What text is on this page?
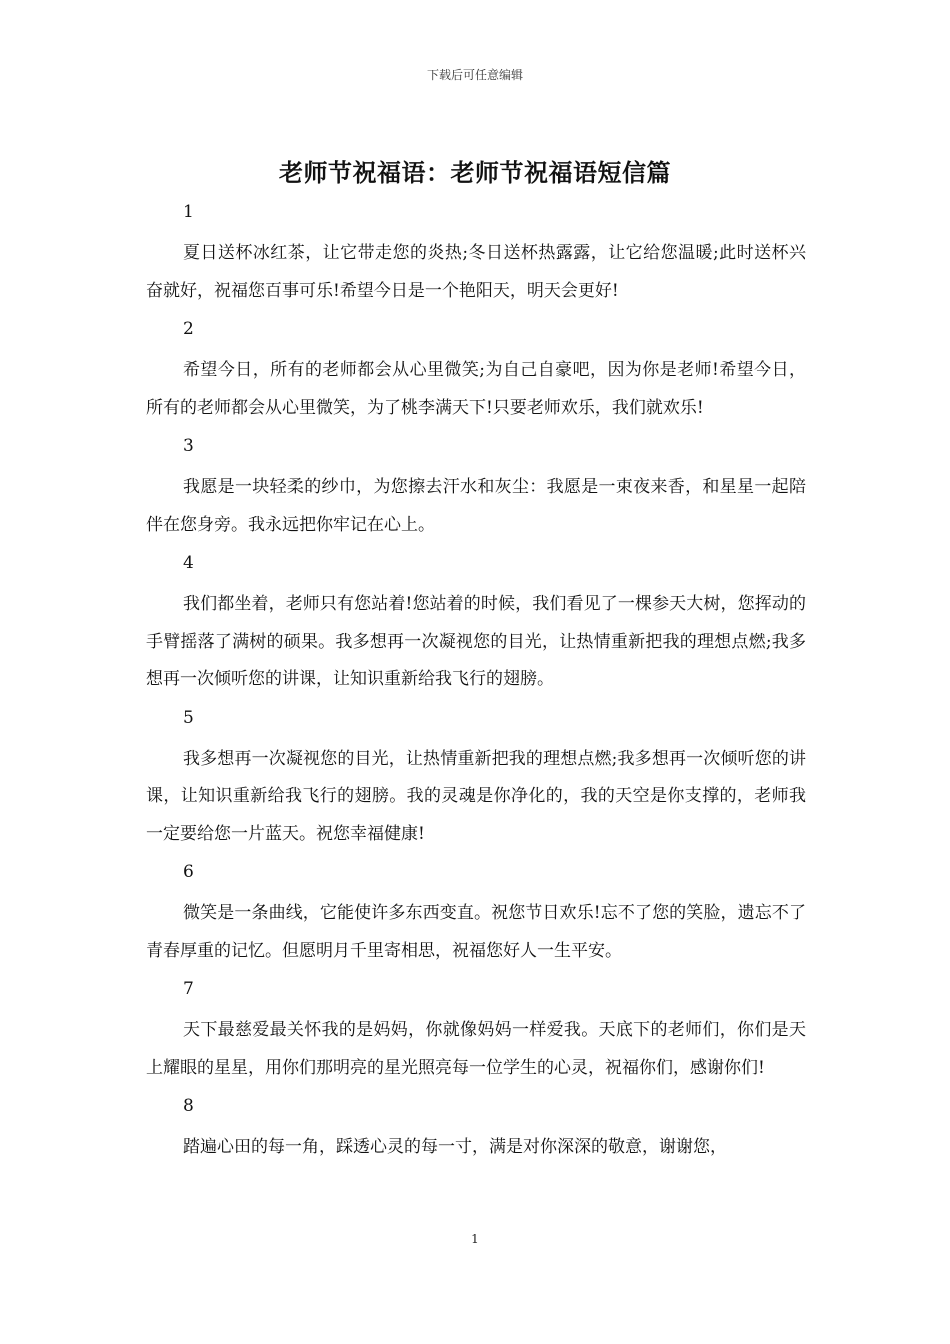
下载后可任意编辑
老师节祝福语：老师节祝福语短信篇

1

夏日送杯冰红茶，让它带走您的炎热;冬日送杯热露露，让它给您温暖;此时送杯兴奋就好，祝福您百事可乐!希望今日是一个艳阳天，明天会更好!

2

希望今日，所有的老师都会从心里微笑;为自己自豪吧，因为你是老师!希望今日，所有的老师都会从心里微笑，为了桃李满天下!只要老师欢乐，我们就欢乐!

3

我愿是一块轻柔的纱巾，为您擦去汗水和灰尘：我愿是一束夜来香，和星星一起陪伴在您身旁。我永远把你牢记在心上。

4

我们都坐着，老师只有您站着!您站着的时候，我们看见了一棵参天大树，您挥动的手臂摇落了满树的硕果。我多想再一次凝视您的目光，让热情重新把我的理想点燃;我多想再一次倾听您的讲课，让知识重新给我飞行的翅膀。

5

我多想再一次凝视您的目光，让热情重新把我的理想点燃;我多想再一次倾听您的讲课，让知识重新给我飞行的翅膀。我的灵魂是你净化的，我的天空是你支撑的，老师我一定要给您一片蓝天。祝您幸福健康!

6

微笑是一条曲线，它能使许多东西变直。祝您节日欢乐!忘不了您的笑脸，遗忘不了青春厚重的记忆。但愿明月千里寄相思，祝福您好人一生平安。

7

天下最慈爱最关怀我的是妈妈，你就像妈妈一样爱我。天底下的老师们，你们是天上耀眼的星星，用你们那明亮的星光照亮每一位学生的心灵，祝福你们，感谢你们!

8

踏遍心田的每一角，踩透心灵的每一寸，满是对你深深的敬意，谢谢您，

1
